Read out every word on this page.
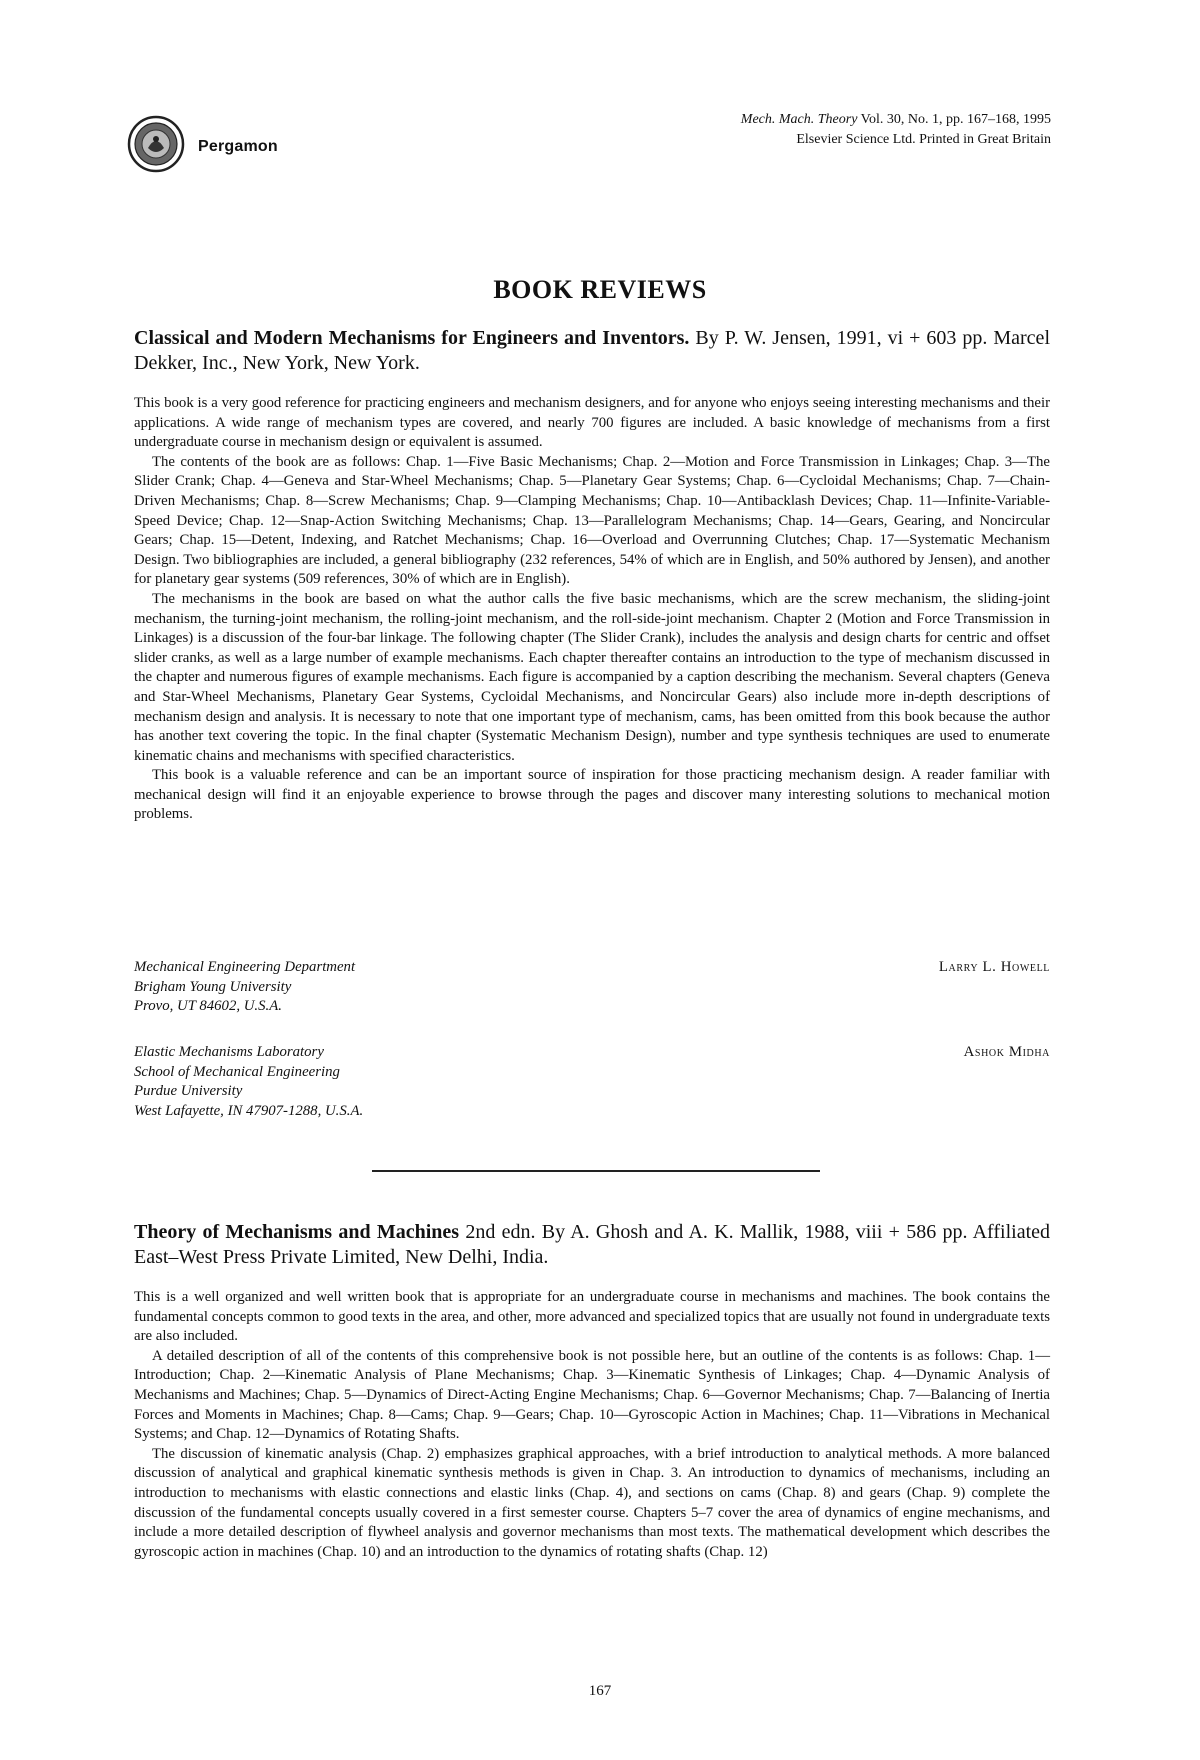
Pergamon
Mech. Mach. Theory Vol. 30, No. 1, pp. 167–168, 1995
Elsevier Science Ltd. Printed in Great Britain
BOOK REVIEWS
Classical and Modern Mechanisms for Engineers and Inventors. By P. W. Jensen, 1991, vi + 603 pp. Marcel Dekker, Inc., New York, New York.

This book is a very good reference for practicing engineers and mechanism designers, and for anyone who enjoys seeing interesting mechanisms and their applications. A wide range of mechanism types are covered, and nearly 700 figures are included. A basic knowledge of mechanisms from a first undergraduate course in mechanism design or equivalent is assumed.

The contents of the book are as follows: Chap. 1—Five Basic Mechanisms; Chap. 2—Motion and Force Transmission in Linkages; Chap. 3—The Slider Crank; Chap. 4—Geneva and Star-Wheel Mechanisms; Chap. 5—Planetary Gear Systems; Chap. 6—Cycloidal Mechanisms; Chap. 7—Chain-Driven Mechanisms; Chap. 8—Screw Mechanisms; Chap. 9—Clamping Mechanisms; Chap. 10—Antibacklash Devices; Chap. 11—Infinite-Variable-Speed Device; Chap. 12—Snap-Action Switching Mechanisms; Chap. 13—Parallelogram Mechanisms; Chap. 14—Gears, Gearing, and Noncircular Gears; Chap. 15—Detent, Indexing, and Ratchet Mechanisms; Chap. 16—Overload and Overrunning Clutches; Chap. 17—Systematic Mechanism Design. Two bibliographies are included, a general bibliography (232 references, 54% of which are in English, and 50% authored by Jensen), and another for planetary gear systems (509 references, 30% of which are in English).

The mechanisms in the book are based on what the author calls the five basic mechanisms, which are the screw mechanism, the sliding-joint mechanism, the turning-joint mechanism, the rolling-joint mechanism, and the roll-side-joint mechanism. Chapter 2 (Motion and Force Transmission in Linkages) is a discussion of the four-bar linkage. The following chapter (The Slider Crank), includes the analysis and design charts for centric and offset slider cranks, as well as a large number of example mechanisms. Each chapter thereafter contains an introduction to the type of mechanism discussed in the chapter and numerous figures of example mechanisms. Each figure is accompanied by a caption describing the mechanism. Several chapters (Geneva and Star-Wheel Mechanisms, Planetary Gear Systems, Cycloidal Mechanisms, and Noncircular Gears) also include more in-depth descriptions of mechanism design and analysis. It is necessary to note that one important type of mechanism, cams, has been omitted from this book because the author has another text covering the topic. In the final chapter (Systematic Mechanism Design), number and type synthesis techniques are used to enumerate kinematic chains and mechanisms with specified characteristics.

This book is a valuable reference and can be an important source of inspiration for those practicing mechanism design. A reader familiar with mechanical design will find it an enjoyable experience to browse through the pages and discover many interesting solutions to mechanical motion problems.

Mechanical Engineering Department
Brigham Young University
Provo, UT 84602, U.S.A.
Larry L. Howell
Elastic Mechanisms Laboratory
School of Mechanical Engineering
Purdue University
West Lafayette, IN 47907-1288, U.S.A.
Ashok Midha
Theory of Mechanisms and Machines 2nd edn. By A. Ghosh and A. K. Mallik, 1988, viii + 586 pp. Affiliated East–West Press Private Limited, New Delhi, India.

This is a well organized and well written book that is appropriate for an undergraduate course in mechanisms and machines. The book contains the fundamental concepts common to good texts in the area, and other, more advanced and specialized topics that are usually not found in undergraduate texts are also included.

A detailed description of all of the contents of this comprehensive book is not possible here, but an outline of the contents is as follows: Chap. 1—Introduction; Chap. 2—Kinematic Analysis of Plane Mechanisms; Chap. 3—Kinematic Synthesis of Linkages; Chap. 4—Dynamic Analysis of Mechanisms and Machines; Chap. 5—Dynamics of Direct-Acting Engine Mechanisms; Chap. 6—Governor Mechanisms; Chap. 7—Balancing of Inertia Forces and Moments in Machines; Chap. 8—Cams; Chap. 9—Gears; Chap. 10—Gyroscopic Action in Machines; Chap. 11—Vibrations in Mechanical Systems; and Chap. 12—Dynamics of Rotating Shafts.

The discussion of kinematic analysis (Chap. 2) emphasizes graphical approaches, with a brief introduction to analytical methods. A more balanced discussion of analytical and graphical kinematic synthesis methods is given in Chap. 3. An introduction to dynamics of mechanisms, including an introduction to mechanisms with elastic connections and elastic links (Chap. 4), and sections on cams (Chap. 8) and gears (Chap. 9) complete the discussion of the fundamental concepts usually covered in a first semester course. Chapters 5–7 cover the area of dynamics of engine mechanisms, and include a more detailed description of flywheel analysis and governor mechanisms than most texts. The mathematical development which describes the gyroscopic action in machines (Chap. 10) and an introduction to the dynamics of rotating shafts (Chap. 12)

167
